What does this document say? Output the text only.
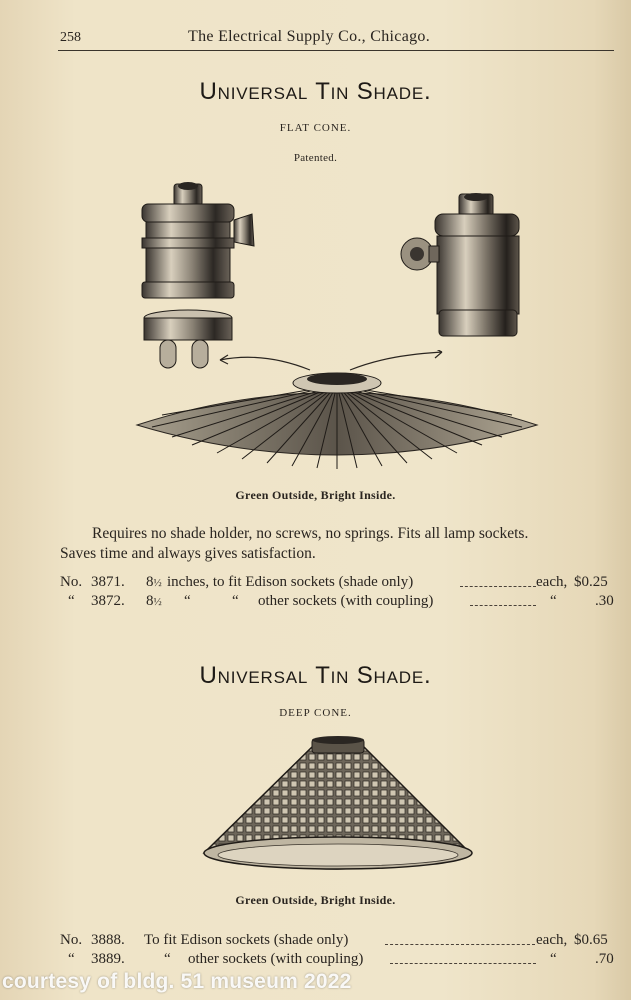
258	The Electrical Supply Co., Chicago.
Universal Tin Shade.
FLAT CONE.
Patented.
Green Outside, Bright Inside.
Requires no shade holder, no screws, no springs. Fits all lamp sockets.
Saves time and always gives satisfaction.
No. 3871. 8½ inches, to fit Edison sockets (shade only)	each, $0.25
“ 3872. 8½ “	“ other sockets (with coupling)	“	.30
Universal Tin Shade.
DEEP CONE.
Green Outside, Bright Inside.
No. 3888. To fit Edison sockets (shade only)	each, $0.65
“ 3889.	“ other sockets (with coupling)	“	.70
courtesy of bldg. 51 museum 2022
